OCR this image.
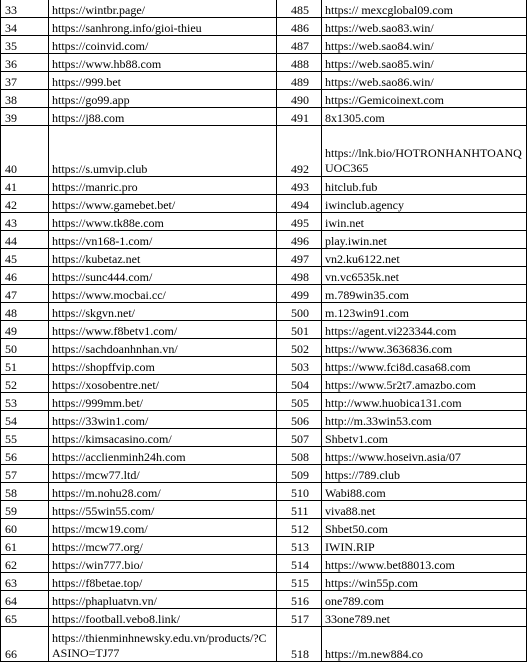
33	https://wintbr.page/	485	https:// mexcglobal09.com
34	https://sanhrong.info/gioi-thieu	486	https://web.sao83.win/
35	https://coinvid.com/	487	https://web.sao84.win/
36	https://www.hb88.com	488	https://web.sao85.win/
37	https://999.bet	489	https://web.sao86.win/
38	https://go99.app	490	https://Gemicoinext.com
39	https://j88.com	491	8x1305.com
40	https://s.umvip.club	492	https://lnk.bio/HOTRONHANHTOANQUOC365
41	https://manric.pro	493	hitclub.fub
42	https://www.gamebet.bet/	494	iwinclub.agency
43	https://www.tk88e.com	495	iwin.net
44	https://vn168-1.com/	496	play.iwin.net
45	https://kubetaz.net	497	vn2.ku6122.net
46	https://sunc444.com/	498	vn.vc6535k.net
47	https://www.mocbai.cc/	499	m.789win35.com
48	https://skgvn.net/	500	m.123win91.com
49	https://www.f8betv1.com/	501	https://agent.vi223344.com
50	https://sachdoanhnhan.vn/	502	https://www.3636836.com
51	https://shopffvip.com	503	https://www.fci8d.casa68.com
52	https://xosobentre.net/	504	https://www.5r2t7.amazbo.com
53	https://999mm.bet/	505	http://www.huobica131.com
54	https://33win1.com/	506	http://m.33win53.com
55	https://kimsacasino.com/	507	Shbetv1.com
56	https://acclienminh24h.com	508	https://www.hoseivn.asia/07
57	https://mcw77.ltd/	509	https://789.club
58	https://m.nohu28.com/	510	Wabi88.com
59	https://55win55.com/	511	viva88.net
60	https://mcw19.com/	512	Shbet50.com
61	https://mcw77.org/	513	IWIN.RIP
62	https://win777.bio/	514	https://www.bet88013.com
63	https://f8betae.top/	515	https://win55p.com
64	https://phapluatvn.vn/	516	one789.com
65	https://football.vebo8.link/	517	33one789.net
66	https://thienminhnewsky.edu.vn/products/?CASINO=TJ77	518	https://m.new884.co
